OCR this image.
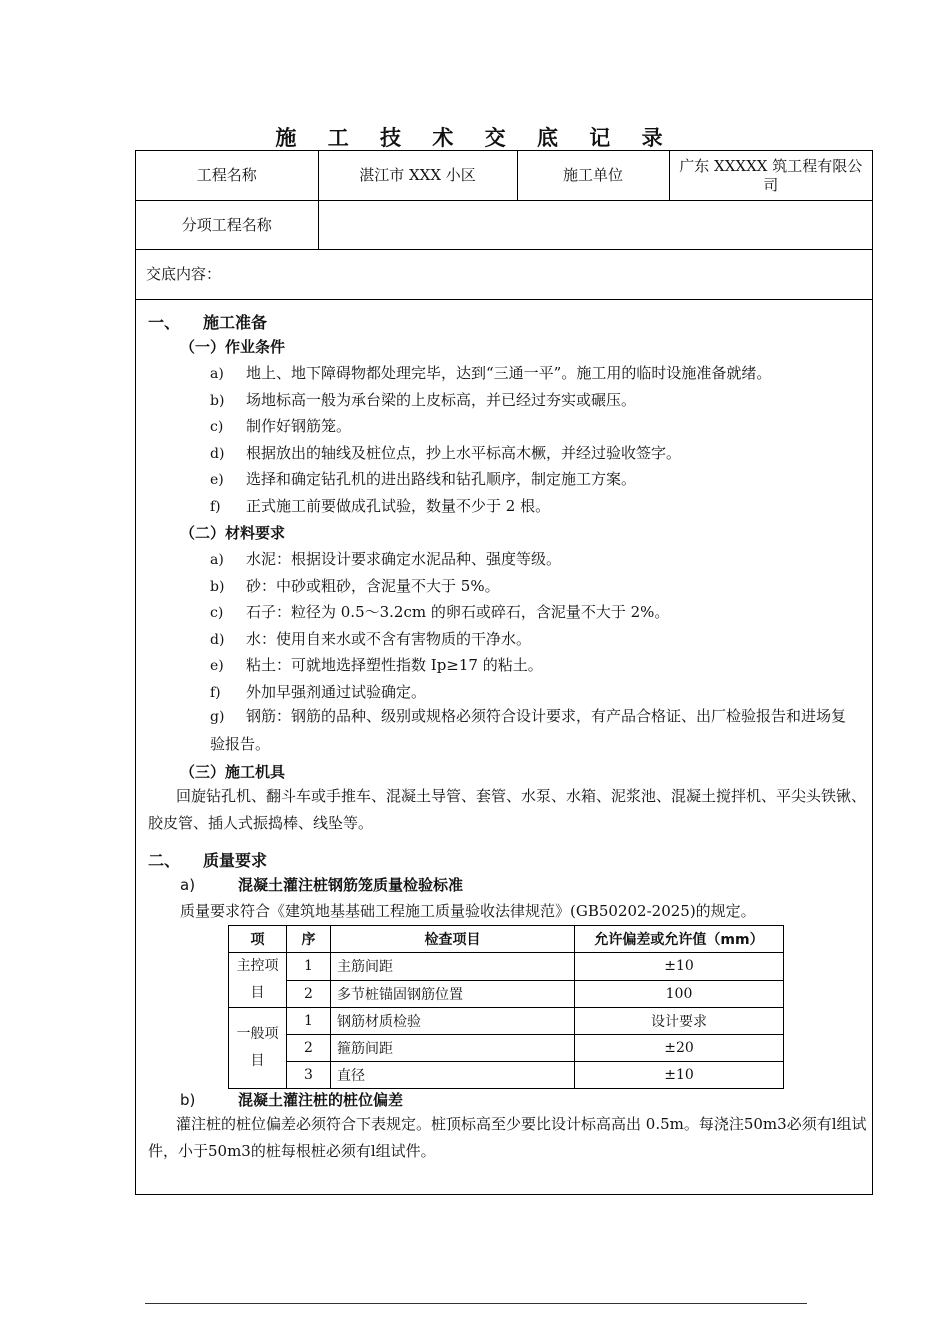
施 工 技 术 交 底 记 录
工程名称	湛江市 XXX 小区	施工单位	广东 XXXXX 筑工程有限公司
分项工程名称			
交底内容：			
一、 施工准备
（一）作业条件
a) 地上、地下障碍物都处理完毕，达到“三通一平”。施工用的临时设施准备就绪。
b) 场地标高一般为承台梁的上皮标高，并已经过夯实或碾压。
c) 制作好钢筋笼。
d) 根据放出的轴线及桩位点，抄上水平标高木橛，并经过验收签字。
e) 选择和确定钻孔机的进出路线和钻孔顺序，制定施工方案。
f) 正式施工前要做成孔试验，数量不少于 2 根。
（二）材料要求
a) 水泥：根据设计要求确定水泥品种、强度等级。
b) 砂：中砂或粗砂，含泥量不大于 5%。
c) 石子：粒径为 0.5～3.2cm 的卵石或碎石，含泥量不大于 2%。
d) 水：使用自来水或不含有害物质的干净水。
e) 粘土：可就地选择塑性指数 Ip≥17 的粘土。
f) 外加早强剂通过试验确定。
g) 钢筋：钢筋的品种、级别或规格必须符合设计要求，有产品合格证、出厂检验报告和进场复验报告。
（三）施工机具
回旋钻孔机、翻斗车或手推车、混凝土导管、套管、水泵、水箱、泥浆池、混凝土搅拌机、平尖头铁锹、胶皮管、插人式振捣棒、线坠等。
二、 质量要求
a)	混凝土灌注桩钢筋笼质量检验标准
质量要求符合《建筑地基基础工程施工质量验收法律规范》(GB50202-2025)的规定。
项	序	检查项目	允许偏差或允许值（mm）
主控项目	1	主筋间距	±10
	2	多节桩锚固钢筋位置	100
一般项目	1	钢筋材质检验	设计要求
	2	箍筋间距	±20
	3	直径	±10
b)	混凝土灌注桩的桩位偏差
灌注桩的桩位偏差必须符合下表规定。桩顶标高至少要比设计标高高出 0.5m。每浇注50m3必须有l组试件，小于50m3的桩每根桩必须有l组试件。
